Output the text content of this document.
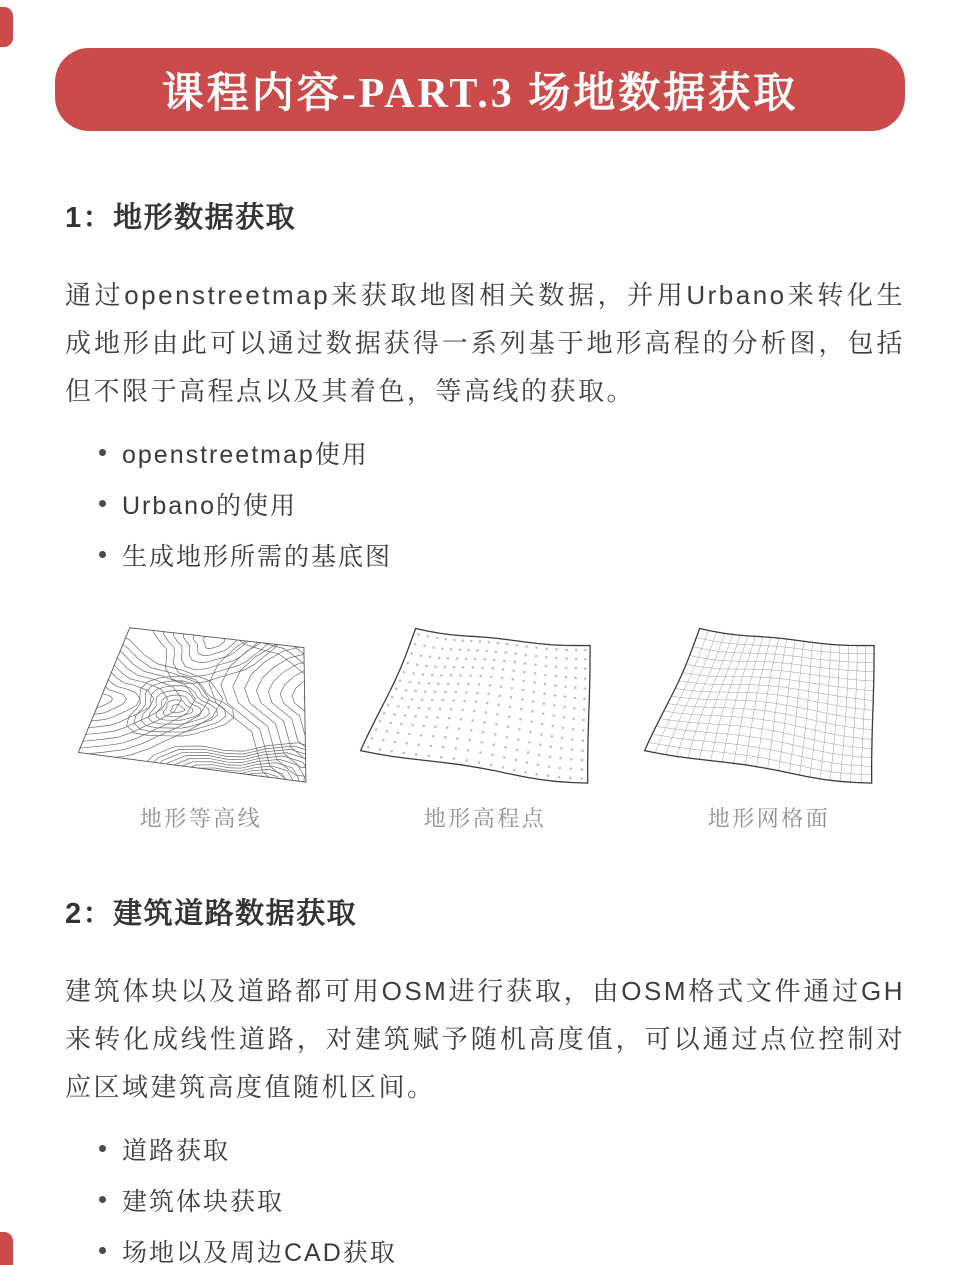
课程内容-PART.3 场地数据获取
1：地形数据获取

通过openstreetmap来获取地图相关数据，并用Urbano来转化生成地形由此可以通过数据获得一系列基于地形高程的分析图，包括但不限于高程点以及其着色，等高线的获取。

openstreetmap使用
Urbano的使用
生成地形所需的基底图
地形等高线	地形高程点	地形网格面
2：建筑道路数据获取

建筑体块以及道路都可用OSM进行获取，由OSM格式文件通过GH来转化成线性道路，对建筑赋予随机高度值，可以通过点位控制对应区域建筑高度值随机区间。

道路获取
建筑体块获取
场地以及周边CAD获取
